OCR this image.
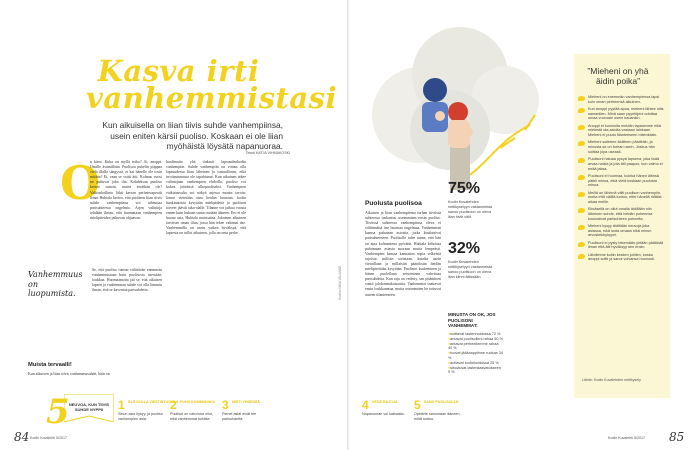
Kasva irti
vanhemmistasi
Kun aikuisella on liian tiivis suhde vanhempiinsa, usein eniten kärsii puoliso. Koskaan ei ole liian myöhäistä löysätä napanuoraa.
Teksti KATJA VIHMAKOSKI
O
n kärsi. Kuka on myllä toiko? Ai, anoppi. Omille ävämillään. Puolisoa puhelin piippaa vielä illalla sängyssä, ei kai hänelle ole tosin mitään? Ei, vaan se soitti äiti. Kolmas vuosi ne puhuvat joka ilta. Kahdeksan puoliso kertoo sanoin, mutta eiväthän ole? Valtionhallinto lähti kerran perheterapeutti Jonni Huhtala kertoo, että puolison liian tiivis suhde vanhempiinsa voi aiheuttaa parisuhteessa ongelmia. Arjen valintoja tehdään ilman, että huomataan vanhempien mielipiteiden jatkuvan ohjaavan.
Vanhemmuus on luopumista.
Se, että puoliso tuntuu välittävän enemmän vanhemmistaan kuin puolisosta itsestään, loukkaa. Huomaamatta jää se, että aikuisen lapsen ja vanhemman suhde voi olla lämmin ilman, että se kaventaa parisuhdetta.
Muista tervaalli!
Kun aikuisen ja liian tiivis vanhemmasuhde, häin on
huolimatta yhä tiukasti lapsuudenkodin vanhempiin. Suhde vanhempiin on voinut olla lapsuudessa liian läheinen ja vastuullinen, eikä irrottautumista ole tapahtunut. Kun aikuinen tekee valintojaan vanhempien ehdoilla, puoliso voi kokea jäävänsä ulkopuoliseksi. Vanhempien vaikutusvalta voi näkyä arjessa monin tavoin: lomat vietetään aina heidän luonaan, kodin hankinnoista kysytään mielipidettä ja puolison toiveet jäävät taka-alalle. Tilanne voi jatkua vuosia ennen kuin kukaan sanoo mitään ääneen. Ero ei ole huono asia, Huhtala muistuttaa. Jokainen aikuinen tarvitsee oman tilan, jossa hän tekee valinnat itse. Vanhemmilla on usein vaikea hyväksyä, että lapsesta on tullut aikuinen, jolla on oma perhe.
Puolusta puolisoa
Aikuisen ja liian vanhempiensa turhan tiiviissä suhteessa tuskastuu useimmiten ensin puoliso. Tiiviissä suhteessa vanhempiinsa eleva ei välttämättä itse huomaa ongelmaa. Vanhemman kanssa puhutaan asioista, jotka kuuluisivat parisuhteeseen. Puolisolle tulee tunne, että hän on aina kolmantena pyöränä. Huhtala kehottaa puhumaan asiasta suoraan mutta lempeästi. Vanhempien kanssa kannattaa sopia selkeistä rajoista: milloin soitetaan, kuinka usein vieraillaan ja millaisiin päätöksiin heidän mielipiteitään kysytään. Puolison kuuleminen ja hänen puolellaan seisominen vahvistaa parisuhdetta. Kun raja on vedetty, sen pitäminen vaatii johdonmukaisuutta. Vanhemmat saattavat ensin loukkaantua, mutta useimmiten he tottuvat uuteen tilanteeseen.
75%
Kodin Kuvalehden nettikyselyyn vastanneista sanoo puolisoon on oleva liian tiiviit välit.
32%
Kodin Kuvalehden nettikyselyyn vastanneista sanoo puolisoon on oleva liian kiinni äitissään.
MINUSTA ON OK, JOS PUOLISONI VANHEMMAT:
● soittavat lastenhoidossa 72 %
● antavat puolisolleni rahaa 50 %
● antavat perheellemme rahaa 40 %
● tuovat jääkaappiinne ruokaa 34 %
● auttavat kodinhoidossa 25 %
● sitoutuvat lastenkasvatukseen 9 %
”Mieheni on yhä äidin poika”
Mieheni on enemmän vanhempiensa lapsi kuin oman perheensä aikuinen.
Kun anoppi pyytää apua, mieheni lähtee oitis samantien. Minä saan pyyntöjeni odottaa omaa vuoroani usein kauankin.
Anoppi ei kunnioita meidän lapsiamme eikä mielestä ota asioita vastaan lainkaan. Mieheni ei puutu tilanteeseen mitenkään.
Mieheni soittelee äidilleen päivittäin, ja minusta se on turhan usein. Joskus hän soittaa jopa useasti.
Puolisoni haluaa pysyä lapsena, joka lisää arvaa naisia ja jota äiti paapoo, kun vaimo ei enää jaksa.
Puolisoni ei huomaa, kuinka hänen äitinsä pätkii minua, eikä vielä koskaan puolusta minua.
Meillä on lähinnä välit puolison vanhempiin, mutta että välillä tuntuu, ettei hänellä riittäisi aikaa meille.
Eksäsellä on ollut omalla äidillään niin läheinen suhde, että heidän puheensa kuulostivat parisuhteen puheelta.
Mieheni kysyy äidiltään neuvoja joka asiassa, eikä luota omaan eikä minun arvostelukykyyni.
Puolisoni ei pysty tekemään yhtään päätöstä ilman että äiti hyväksyy sen ensin.
Lähdimme kotiin kesken juhlien, koska anoppi soitti ja sanoi voivansa huonosti.
Lähde: Kodin Kuvalehden nettikysely
5 NEUVOA, KUN TIIVIS SUHDE NYPPII	1 ÄLÄ KULLA VIESTINTUOJAA
Sinun asia kysyy, ja puoliso vanhempien asia.
2 PUHU KOMMUNIKOI
Puolisot on vahvinna ollut, eikä vanhemmat tulkitse.
3 MIETI YHDESSÄ
Pienet asiat eivät tee parisuhdetta.
4 VEDÄ RAJOJA
Napanuoran voi katkaista.
5 SANO PUOLISOLLE
Opettele sanomaan ääneen, miltä tuntuu.
84 Kodin Kuvalehti 5/2017	Kodin Kuvalehti 5/2017 85
Kuvitus NINA VALANNE
